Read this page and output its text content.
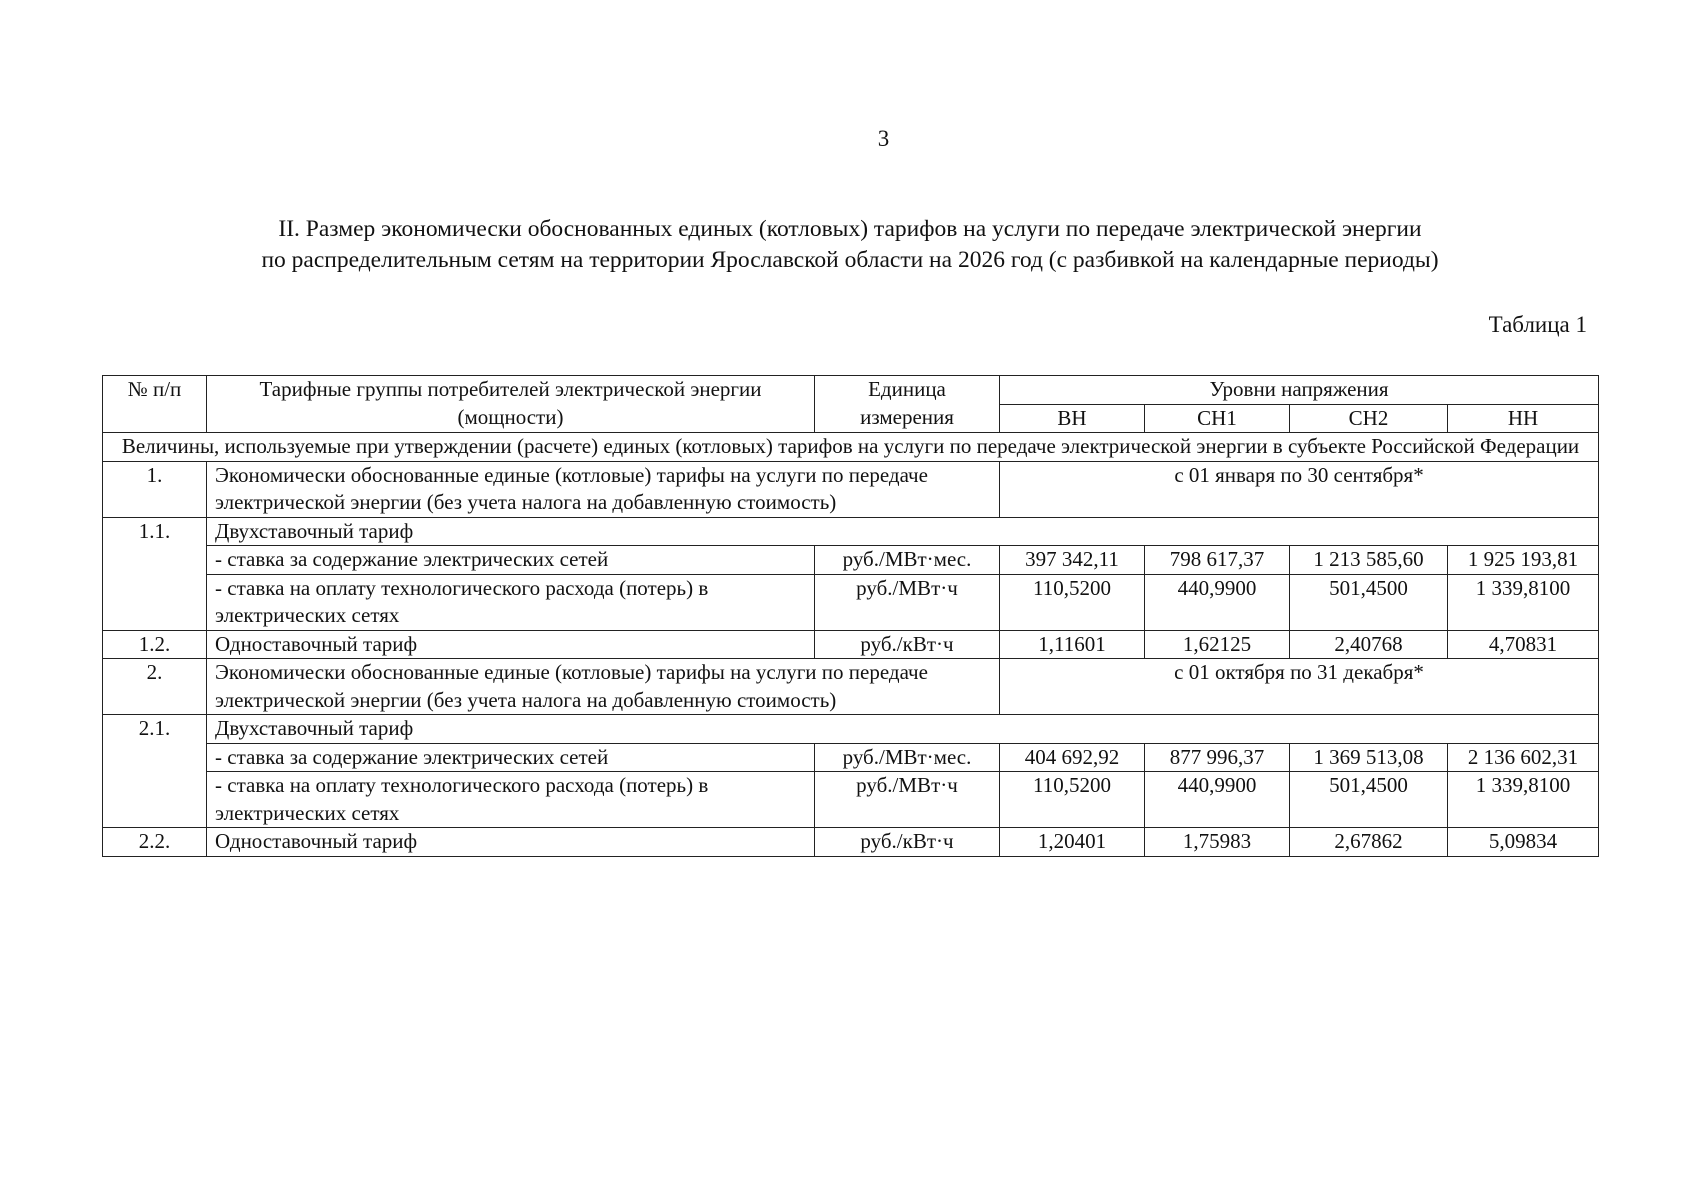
3
II. Размер экономически обоснованных единых (котловых) тарифов на услуги по передаче электрической энергии
по распределительным сетям на территории Ярославской области на 2026 год (с разбивкой на календарные периоды)
Таблица 1
№ п/п	Тарифные группы потребителей электрической энергии (мощности)	Единица измерения	Уровни напряжения			
			ВН	СН1	СН2	НН
Величины, используемые при утверждении (расчете) единых (котловых) тарифов на услуги по передаче электрической энергии в субъекте Российской Федерации						
1.	Экономически обоснованные единые (котловые) тарифы на услуги по передаче электрической энергии (без учета налога на добавленную стоимость)		с 01 января по 30 сентября*			
1.1.	Двухставочный тариф					
	- ставка за содержание электрических сетей	руб./МВт·мес.	397 342,11	798 617,37	1 213 585,60	1 925 193,81
	- ставка на оплату технологического расхода (потерь) в электрических сетях	руб./МВт·ч	110,5200	440,9900	501,4500	1 339,8100
1.2.	Одноставочный тариф	руб./кВт·ч	1,11601	1,62125	2,40768	4,70831
2.	Экономически обоснованные единые (котловые) тарифы на услуги по передаче электрической энергии (без учета налога на добавленную стоимость)		с 01 октября по 31 декабря*			
2.1.	Двухставочный тариф					
	- ставка за содержание электрических сетей	руб./МВт·мес.	404 692,92	877 996,37	1 369 513,08	2 136 602,31
	- ставка на оплату технологического расхода (потерь) в электрических сетях	руб./МВт·ч	110,5200	440,9900	501,4500	1 339,8100
2.2.	Одноставочный тариф	руб./кВт·ч	1,20401	1,75983	2,67862	5,09834
